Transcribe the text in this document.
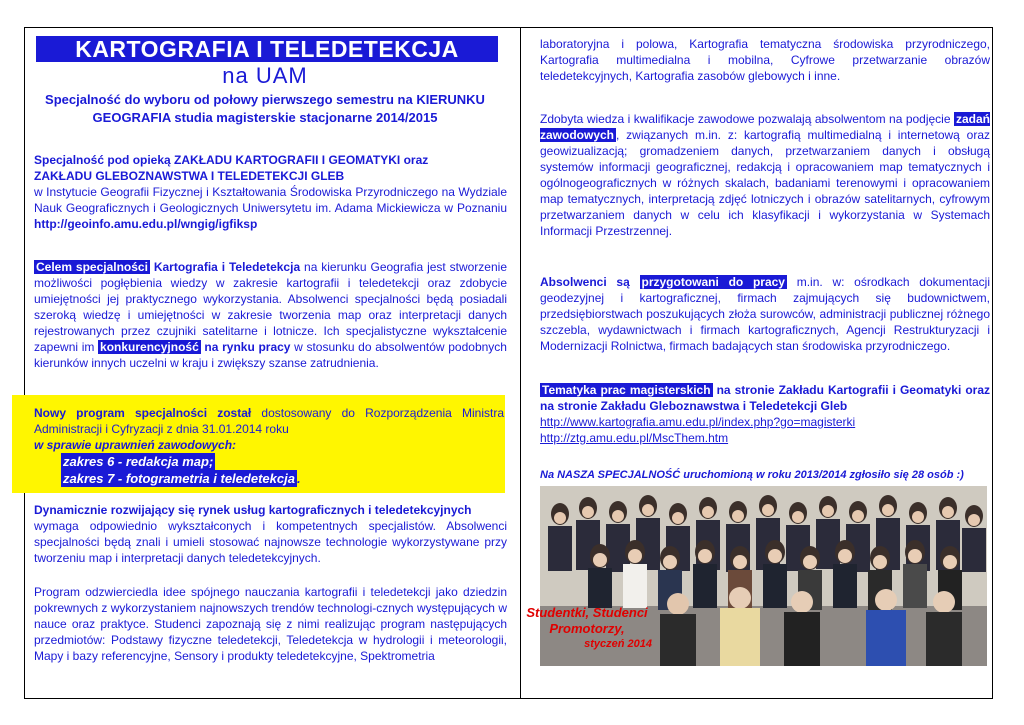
KARTOGRAFIA I TELEDETEKCJA
na UAM
Specjalność do wyboru od połowy pierwszego semestru na KIERUNKU
GEOGRAFIA studia magisterskie stacjonarne 2014/2015
Specjalność pod opieką ZAKŁADU KARTOGRAFII I GEOMATYKI oraz
ZAKŁADU GLEBOZNAWSTWA I TELEDETEKCJI GLEB

w Instytucie Geografii Fizycznej i Kształtowania Środowiska Przyrodniczego na Wydziale Nauk Geograficznych i Geologicznych Uniwersytetu im. Adama Mickiewicza w Poznaniu http://geoinfo.amu.edu.pl/wngig/igfiksp

Celem specjalności Kartografia i Teledetekcja na kierunku Geografia jest stworzenie możliwości pogłębienia wiedzy w zakresie kartografii i teledetekcji oraz zdobycie umiejętności jej praktycznego wykorzystania. Absolwenci specjalności będą posiadali szeroką wiedzę i umiejętności w zakresie tworzenia map oraz interpretacji danych rejestrowanych przez czujniki satelitarne i lotnicze. Ich specjalistyczne wykształcenie zapewni im konkurencyjność na rynku pracy w stosunku do absolwentów podobnych kierunków innych uczelni w kraju i zwiększy szanse zatrudnienia.

Nowy program specjalności został dostosowany do Rozporządzenia Ministra Administracji i Cyfryzacji z dnia 31.01.2014 roku

w sprawie uprawnień zawodowych:
zakres 6 - redakcja map;
zakres 7 - fotogrametria i teledetekcja .
Dynamicznie rozwijający się rynek usług kartograficznych i teledetekcyjnych

wymaga odpowiednio wykształconych i kompetentnych specjalistów. Absolwenci specjalności będą znali i umieli stosować najnowsze technologie wykorzystywane przy tworzeniu map i interpretacji danych teledetekcyjnych.

Program odzwierciedla idee spójnego nauczania kartografii i teledetekcji jako dziedzin pokrewnych z wykorzystaniem najnowszych trendów technologi-cznych występujących w nauce oraz praktyce. Studenci zapoznają się z nimi realizując program następujących przedmiotów: Podstawy fizyczne teledetekcji, Teledetekcja w hydrologii i meteorologii, Mapy i bazy referencyjne, Sensory i produkty teledetekcyjne, Spektrometria

laboratoryjna i polowa, Kartografia tematyczna środowiska przyrodniczego, Kartografia multimedialna i mobilna, Cyfrowe przetwarzanie obrazów teledetekcyjnych, Kartografia zasobów glebowych i inne.

Zdobyta wiedza i kwalifikacje zawodowe pozwalają absolwentom na podjęcie zadań zawodowych , związanych m.in. z: kartografią multimedialną i internetową oraz geowizualizacją; gromadzeniem danych, przetwarzaniem danych i obsługą systemów informacji geograficznej, redakcją i opracowaniem map tematycznych i ogólnogeograficznych w różnych skalach, badaniami terenowymi i opracowaniem map tematycznych, interpretacją zdjęć lotniczych i obrazów satelitarnych, cyfrowym przetwarzaniem danych w celu ich klasyfikacji i wykorzystania w Systemach Informacji Przestrzennej.

Absolwenci są przygotowani do pracy m.in. w: ośrodkach dokumentacji geodezyjnej i kartograficznej, firmach zajmujących się budownictwem, przedsiębiorstwach poszukujących złoża surowców, administracji publicznej różnego szczebla, wydawnictwach i firmach kartograficznych, Agencji Restrukturyzacji i Modernizacji Rolnictwa, firmach badających stan środowiska przyrodniczego.

Tematyka prac magisterskich na stronie Zakładu Kartografii i Geomatyki oraz na stronie Zakładu Gleboznawstwa i Teledetekcji Gleb

http://www.kartografia.amu.edu.pl/index.php?go=magisterki
http://ztg.amu.edu.pl/MscThem.htm
Na NASZA SPECJALNOŚĆ uruchomioną w roku 2013/2014 zgłosiło się 28 osób :)
Studentki, Studenci
Promotorzy,
styczeń 2014
